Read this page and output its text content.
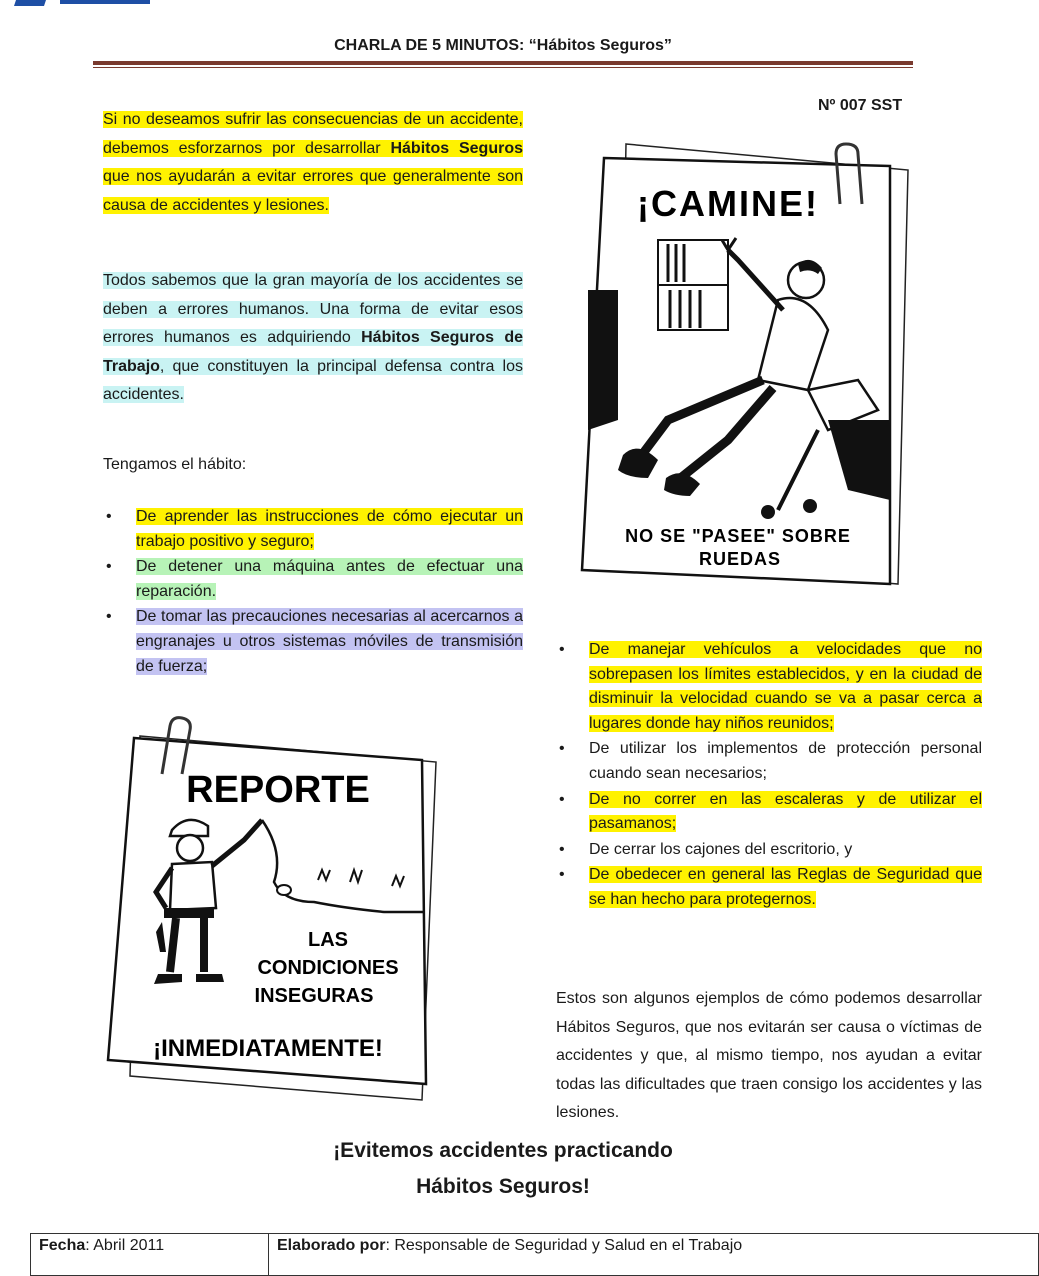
CHARLA DE 5 MINUTOS: “Hábitos Seguros”
Nº 007 SST

Si no deseamos sufrir las consecuencias de un accidente, debemos esforzarnos por desarrollar Hábitos Seguros que nos ayudarán a evitar errores que generalmente son causa de accidentes y lesiones.

Todos sabemos que la gran mayoría de los accidentes se deben a errores humanos. Una forma de evitar esos errores humanos es adquiriendo Hábitos Seguros de Trabajo, que constituyen la principal defensa contra los accidentes.

Tengamos el hábito:
• De aprender las instrucciones de cómo ejecutar un trabajo positivo y seguro;
• De detener una máquina antes de efectuar una reparación.
• De tomar las precauciones necesarias al acercarnos a engranajes u otros sistemas móviles de transmisión de fuerza;
• De manejar vehículos a velocidades que no sobrepasen los límites establecidos, y en la ciudad de disminuir la velocidad cuando se va a pasar cerca a lugares donde hay niños reunidos;
• De utilizar los implementos de protección personal cuando sean necesarios;
• De no correr en las escaleras y de utilizar el pasamanos;
• De cerrar los cajones del escritorio, y
• De obedecer en general las Reglas de Seguridad que se han hecho para protegernos.

Estos son algunos ejemplos de cómo podemos desarrollar Hábitos Seguros, que nos evitarán ser causa o víctimas de accidentes y que, al mismo tiempo, nos ayudan a evitar todas las dificultades que traen consigo los accidentes y las lesiones.

¡Evitemos accidentes practicando
Hábitos Seguros!
¡CAMINE!
NO SE "PASEE" SOBRE
RUEDAS
REPORTE
LAS
CONDICIONES
INSEGURAS
¡INMEDIATAMENTE!
Fecha: Abril 2011	Elaborado por: Responsable de Seguridad y Salud en el Trabajo
